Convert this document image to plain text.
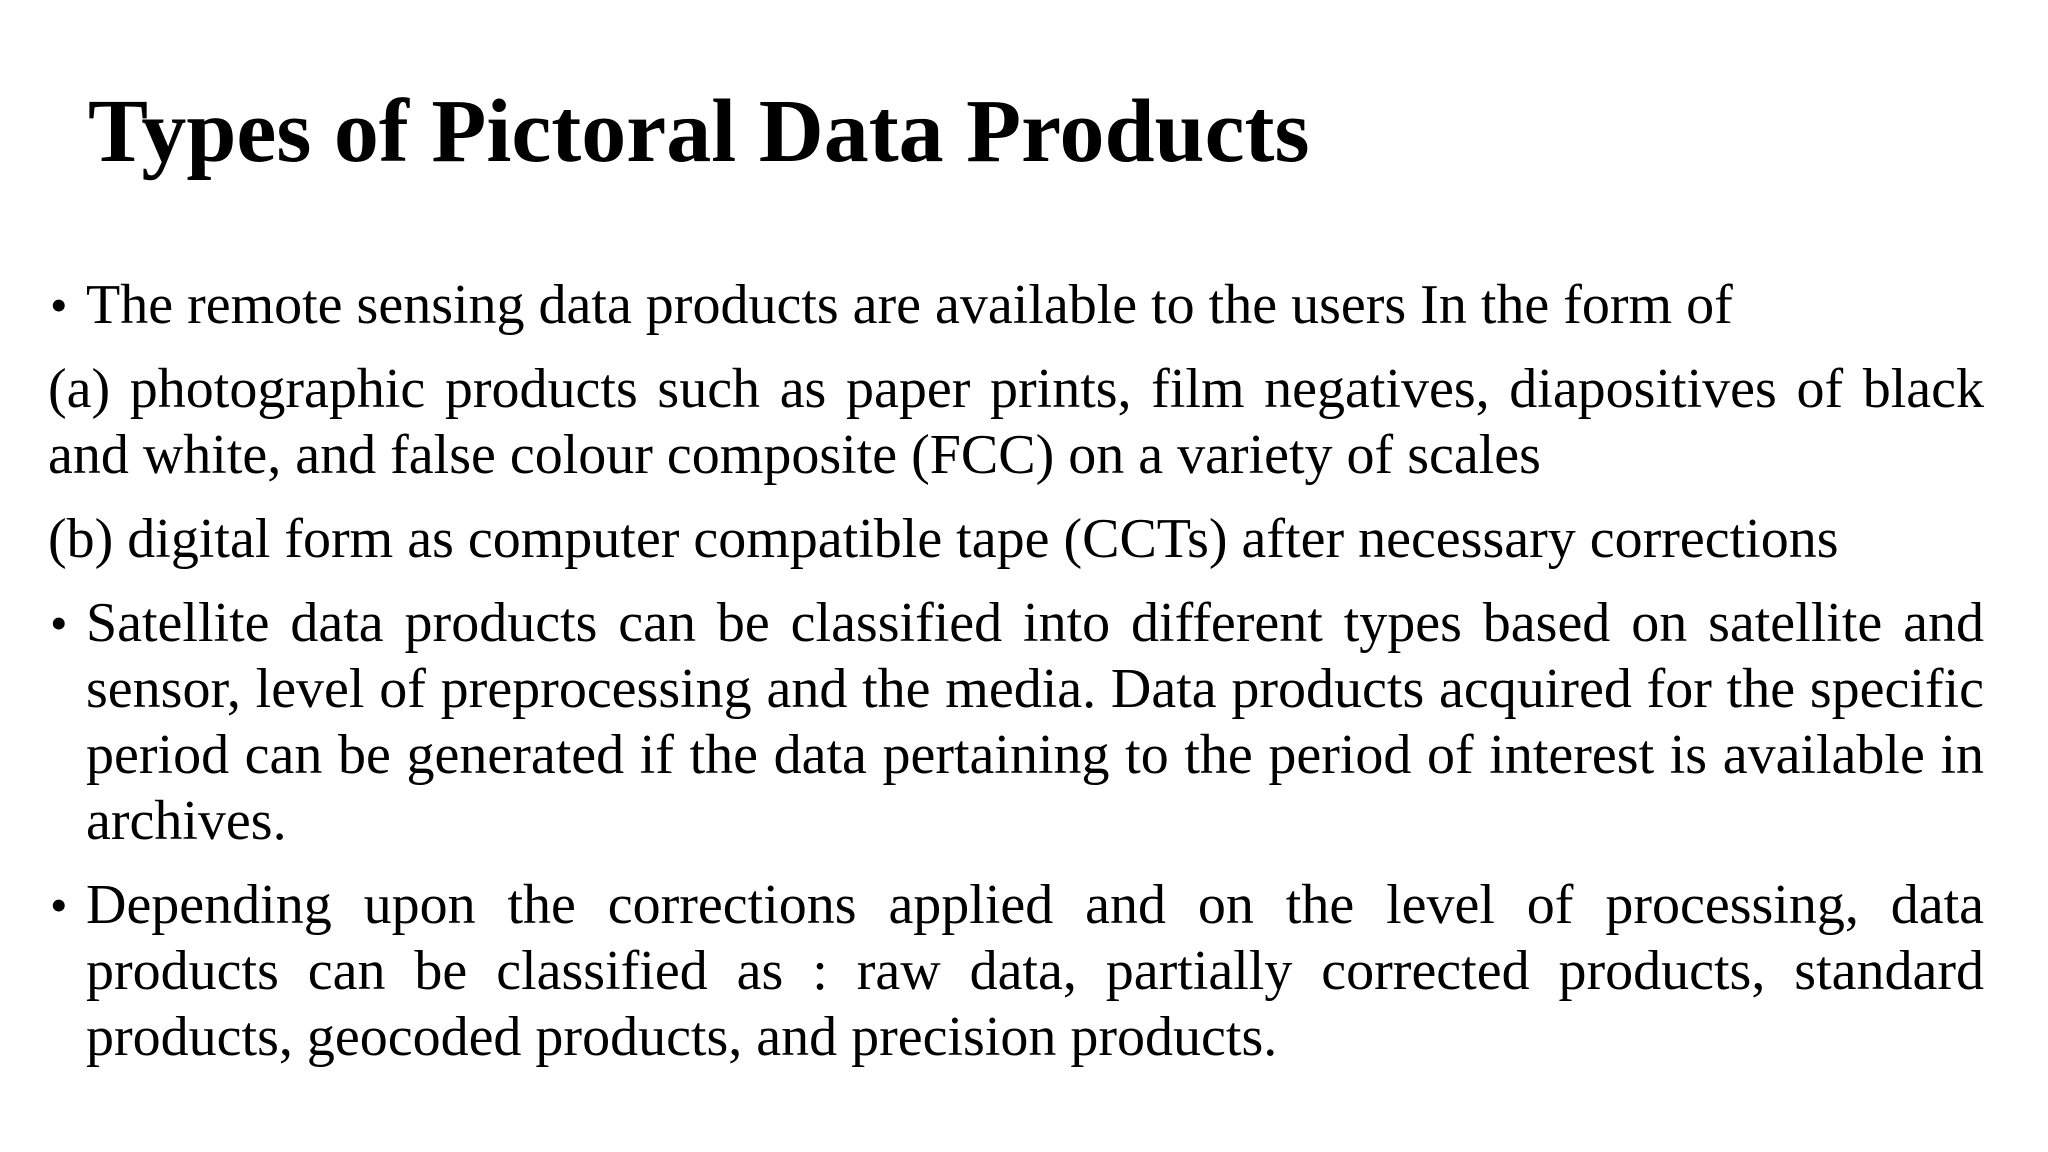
Types of Pictoral Data Products

• The remote sensing data products are available to the users In the form of

(a) photographic products such as paper prints, film negatives, diapositives of black and white, and false colour composite (FCC) on a variety of scales

(b) digital form as computer compatible tape (CCTs) after necessary corrections

• Satellite data products can be classified into different types based on satellite and sensor, level of preprocessing and the media. Data products acquired for the specific period can be generated if the data pertaining to the period of interest is available in archives.

• Depending upon the corrections applied and on the level of processing, data products can be classified as : raw data, partially corrected products, standard products, geocoded products, and precision products.
